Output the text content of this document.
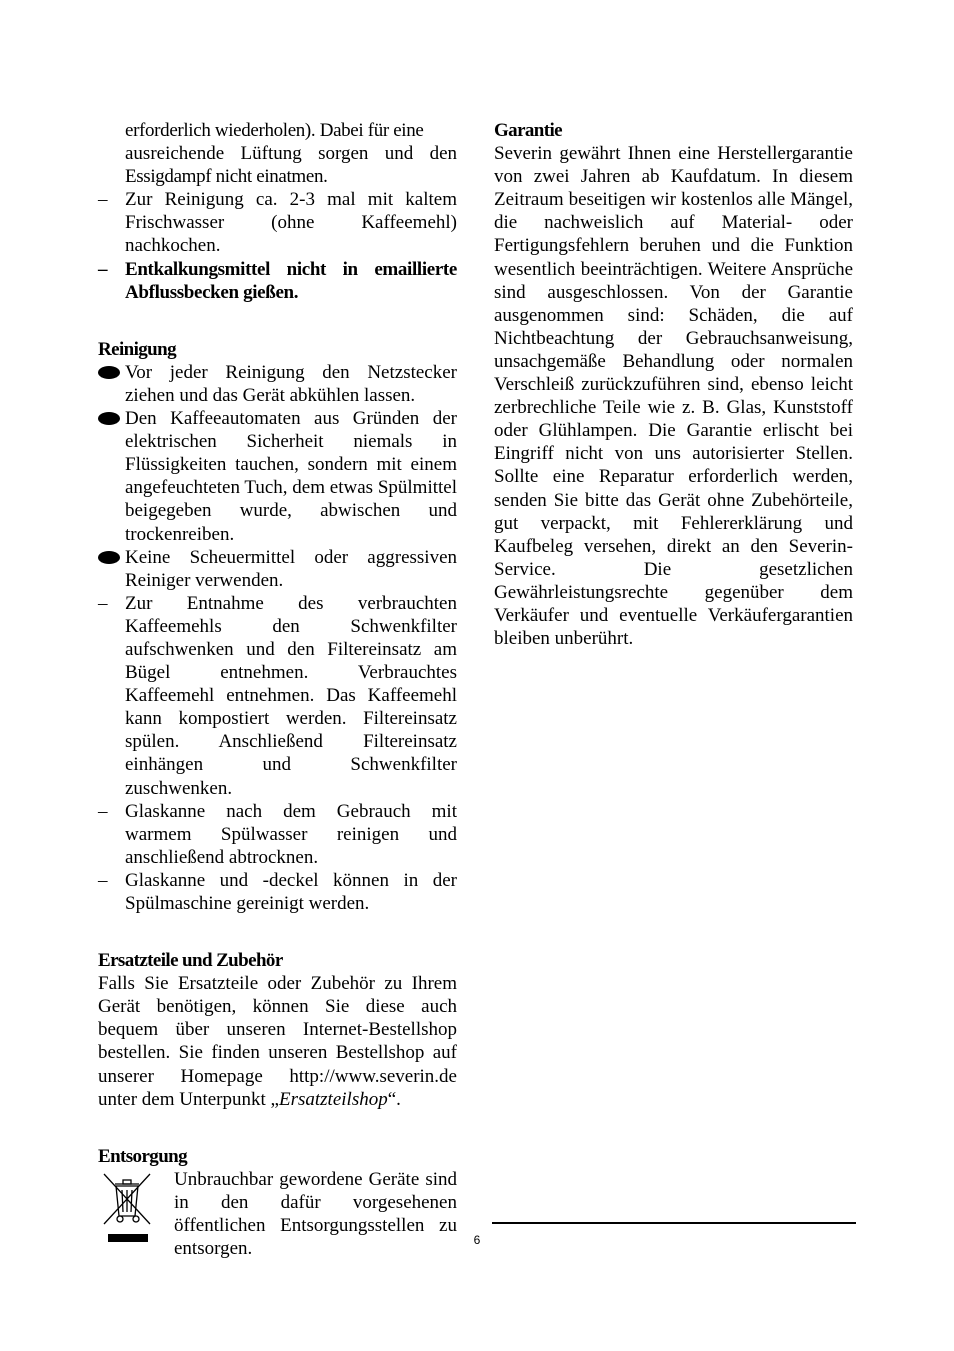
erforderlich wiederholen). Dabei für eine

ausreichende Lüftung sorgen und den

Essigdampf nicht einatmen.

– Zur Reinigung ca. 2-3 mal mit kaltem Frischwasser (ohne Kaffeemehl) nachkochen.
– Entkalkungsmittel nicht in emaillierte Abflussbecken gießen.
Reinigung
Vor jeder Reinigung den Netzstecker ziehen und das Gerät abkühlen lassen.
Den Kaffeeautomaten aus Gründen der elektrischen Sicherheit niemals in Flüssigkeiten tauchen, sondern mit einem angefeuchteten Tuch, dem etwas Spülmittel beigegeben wurde, abwischen und trockenreiben.
Keine Scheuermittel oder aggressiven Reiniger verwenden.
– Zur Entnahme des verbrauchten Kaffeemehls den Schwenkfilter aufschwenken und den Filtereinsatz am Bügel entnehmen. Verbrauchtes Kaffeemehl entnehmen. Das Kaffeemehl kann kompostiert werden. Filtereinsatz spülen. Anschließend Filtereinsatz einhängen und Schwenkfilter zuschwenken.
– Glaskanne nach dem Gebrauch mit warmem Spülwasser reinigen und anschließend abtrocknen.
– Glaskanne und -deckel können in der Spülmaschine gereinigt werden.
Ersatzteile und Zubehör

Falls Sie Ersatzteile oder Zubehör zu Ihrem Gerät benötigen, können Sie diese auch bequem über unseren Internet-Bestellshop bestellen. Sie finden unseren Bestellshop auf unserer Homepage http://www.severin.de unter dem Unterpunkt „Ersatzteilshop“.

Entsorgung

Unbrauchbar gewordene Geräte sind in den dafür vorgesehenen öffentlichen Entsorgungsstellen zu entsorgen.

Garantie

Severin gewährt Ihnen eine Herstellergarantie von zwei Jahren ab Kaufdatum. In diesem Zeitraum beseitigen wir kostenlos alle Mängel, die nachweislich auf Material- oder Fertigungsfehlern beruhen und die Funktion wesentlich beeinträchtigen. Weitere Ansprüche sind ausgeschlossen. Von der Garantie ausgenommen sind: Schäden, die auf Nichtbeachtung der Gebrauchsanweisung, unsachgemäße Behandlung oder normalen Verschleiß zurückzuführen sind, ebenso leicht zerbrechliche Teile wie z. B. Glas, Kunststoff oder Glühlampen. Die Garantie erlischt bei Eingriff nicht von uns autorisierter Stellen. Sollte eine Reparatur erforderlich werden, senden Sie bitte das Gerät ohne Zubehörteile, gut verpackt, mit Fehlererklärung und Kaufbeleg versehen, direkt an den Severin-Service. Die gesetzlichen Gewährleistungsrechte gegenüber dem Verkäufer und eventuelle Verkäufergarantien bleiben unberührt.

6
